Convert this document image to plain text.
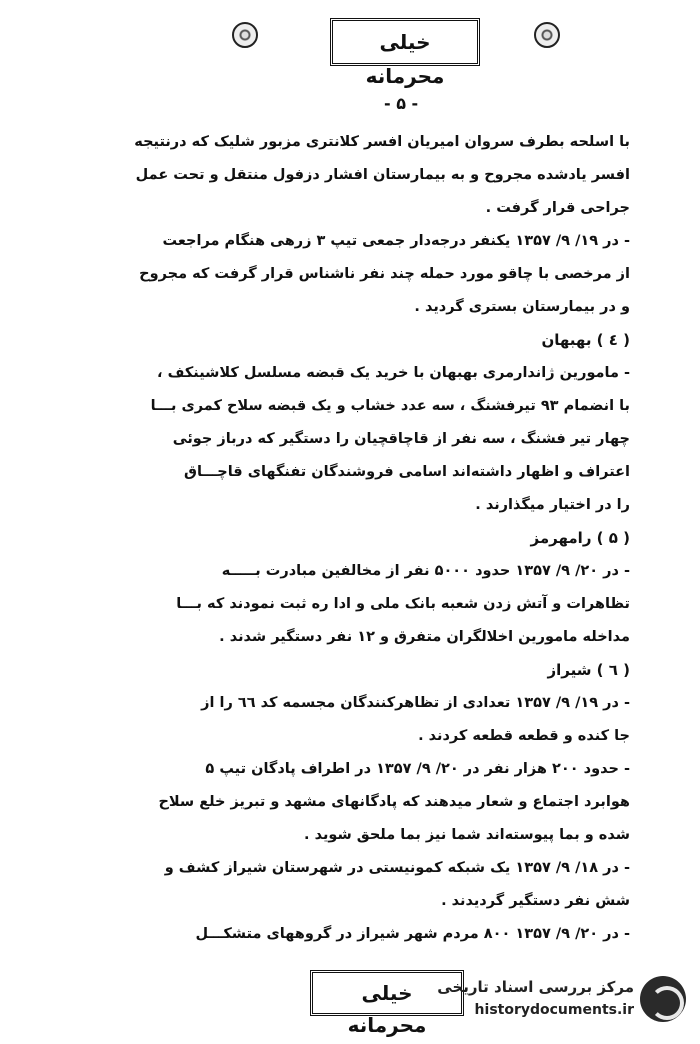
خیلی محرمانه
- ۵ -
با اسلحه بطرف سروان امیریان افسر کلانتری مزبور شلیک که درنتیجه
افسر یادشده مجروح و به بیمارستان افشار دزفول منتقل و تحت عمل
جراحی قرار گرفت .
- در ۱۹/ ۹/ ۱۳۵۷ یکنفر درجه‌دار جمعی تیپ ۳ زرهی هنگام مراجعت
از مرخصی با چاقو مورد حمله چند نفر ناشناس قرار گرفت که مجروح
و در بیمارستان بستری گردید .
( ٤ ) بهبهان
- مامورین ژاندارمری بهبهان با خرید یک قبضه مسلسل کلاشینکف ،
با انضمام ۹۳ تیرفشنگ ، سه عدد خشاب و یک قبضه سلاح کمری بـــا
چهار تیر فشنگ ، سه نفر از قاچاقچیان را دستگیر که درباز جوئی
اعتراف و اظهار داشته‌اند اسامی فروشندگان تفنگهای قاچـــاق
را در اختیار میگذارند .
( ۵ ) رامهرمز
- در ۲۰/ ۹/ ۱۳۵۷ حدود ۵۰۰۰ نفر از مخالفین مبادرت بـــــه
تظاهرات و آتش زدن شعبه بانک ملی و ادا ره ثبت نمودند که بـــا
مداخله مامورین اخلالگران متفرق و ۱۲ نفر دستگیر شدند .
( ٦ ) شیراز
- در ۱۹/ ۹/ ۱۳۵۷ تعدادی از تظاهرکنندگان مجسمه کد ٦٦ را از
جا کنده و قطعه قطعه کردند .
- حدود ۲۰۰ هزار نفر در ۲۰/ ۹/ ۱۳۵۷ در اطراف پادگان تیپ ۵
هوابرد اجتماع و شعار میدهند که پادگانهای مشهد و تبریز خلع سلاح
شده و بما پیوسته‌اند شما نیز بما ملحق شوید .
- در ۱۸/ ۹/ ۱۳۵۷ یک شبکه کمونیستی در شهرستان شیراز کشف و
شش نفر دستگیر گردیدند .
- در ۲۰/ ۹/ ۱۳۵۷ ۸۰۰ مردم شهر شیراز در گروههای متشکـــل
خیلی محرمانه
مرکز بررسی اسناد تاریخی
historydocuments.ir
